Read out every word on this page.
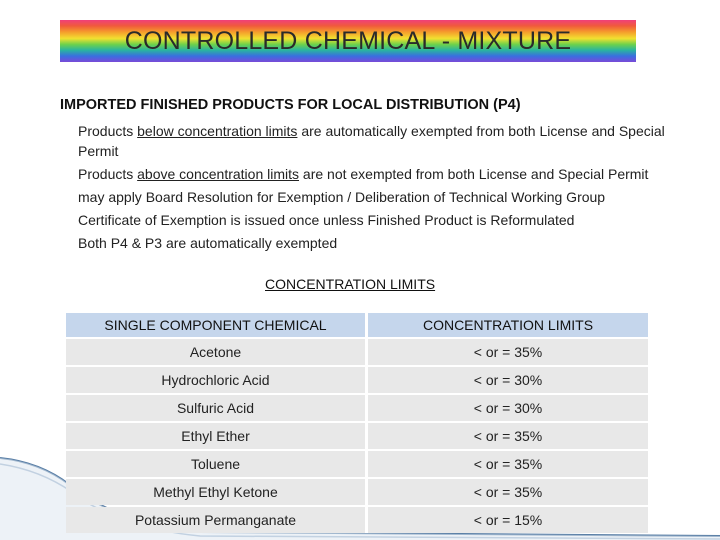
CONTROLLED CHEMICAL - MIXTURE
IMPORTED FINISHED PRODUCTS FOR LOCAL DISTRIBUTION (P4)
Products below concentration limits are automatically exempted from both License and Special Permit
Products above concentration limits are not exempted from both License and Special Permit
may apply Board Resolution for Exemption / Deliberation of Technical Working Group
Certificate of Exemption is issued once unless Finished Product is Reformulated
Both P4 & P3 are automatically exempted
CONCENTRATION LIMITS
SINGLE COMPONENT CHEMICAL	CONCENTRATION LIMITS
Acetone	< or = 35%
Hydrochloric Acid	< or = 30%
Sulfuric Acid	< or = 30%
Ethyl Ether	< or = 35%
Toluene	< or = 35%
Methyl Ethyl Ketone	< or = 35%
Potassium Permanganate	< or = 15%
